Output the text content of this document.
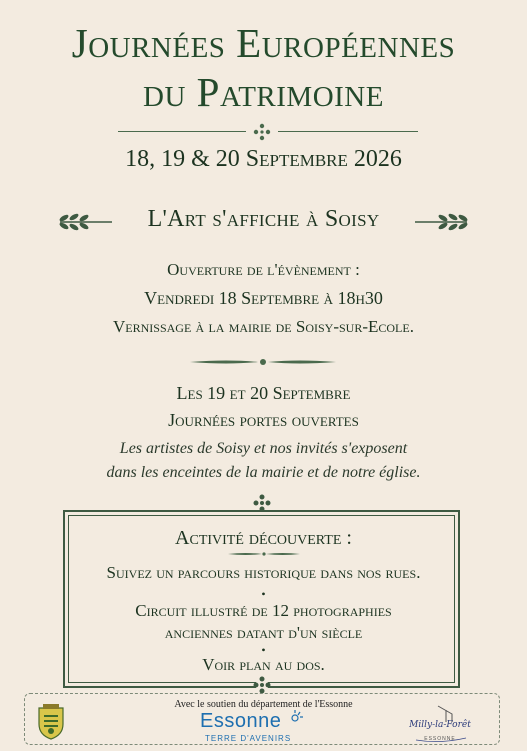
Journées Européennes
du Patrimoine
18, 19 & 20 Septembre 2026
L'Art s'affiche à Soisy
Ouverture de l'évènement :
Vendredi 18 Septembre à 18h30
Vernissage à la mairie de Soisy-sur-Ecole.
Les 19 et 20 Septembre
Journées portes ouvertes
Les artistes de Soisy et nos invités s'exposent
dans les enceintes de la mairie et de notre église.
Activité découverte :
Suivez un parcours historique dans nos rues.
•
Circuit illustré de 12 photographies
anciennes datant d'un siècle
•
Voir plan au dos.
Avec le soutien du département de l'Essonne
Essonne
TERRE D'AVENIRS
Milly-la-Forêt
ESSONNE
